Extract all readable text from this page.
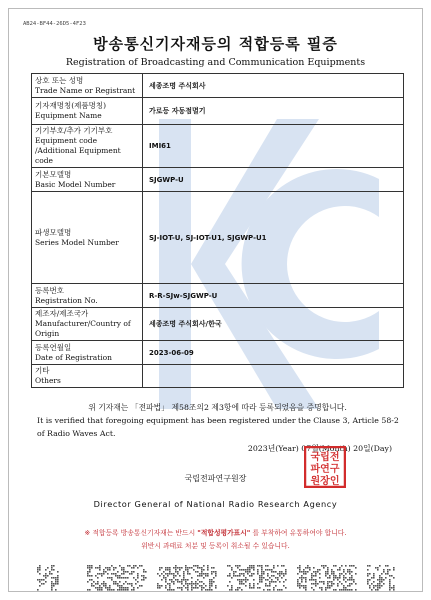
AB24-BF44-26D5-4F23
방송통신기자재등의 적합등록 필증
Registration of Broadcasting and Communication Equipments
상호 또는 성명
Trade Name or Registrant	세종조명 주식회사

기자재명칭(제품명칭)
Equipment Name	가로등 자동점멸기

기기부호/추가 기기부호
Equipment code /Additional Equipment code	IMI61

기본모델명
Basic Model Number	SJGWP-U

파생모델명
Series Model Number	SJ-IOT-U, SJ-IOT-U1, SJGWP-U1

등록번호
Registration No.	R-R-SJw-SJGWP-U

제조자/제조국가
Manufacturer/Country of Origin	세종조명 주식회사/한국

등록연월일
Date of Registration	2023-06-09

기타
Others	

위 기자재는 「전파법」 제58조의2 제3항에 따라 등록되었음을 증명합니다.
It is verified that foregoing equipment has been registered under the Clause 3, Article 58-2 of Radio Waves Act.
2023년(Year) 07월(Month) 20일(Day)
국립전
파연구
원장인
국립전파연구원장
Director General of National Radio Research Agency
※ 적합등록 방송통신기자재는 반드시 "적합성평가표시" 를 부착하여 유통하여야 합니다.
위반시 과태료 처분 및 등록이 취소될 수 있습니다.
